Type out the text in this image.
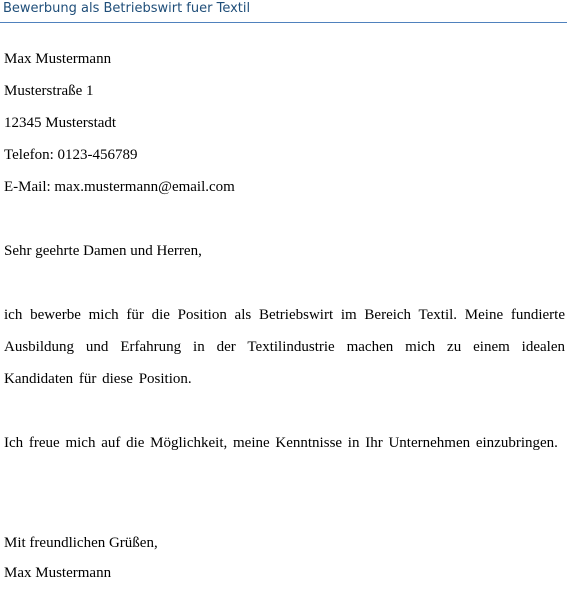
Bewerbung als Betriebswirt fuer Textil
Max Mustermann
Musterstraße 1
12345 Musterstadt
Telefon: 0123-456789
E-Mail: max.mustermann@email.com
Sehr geehrte Damen und Herren,
ich bewerbe mich für die Position als Betriebswirt im Bereich Textil. Meine fundierte Ausbildung und Erfahrung in der Textilindustrie machen mich zu einem idealen Kandidaten für diese Position.
Ich freue mich auf die Möglichkeit, meine Kenntnisse in Ihr Unternehmen einzubringen.
Mit freundlichen Grüßen,
Max Mustermann
